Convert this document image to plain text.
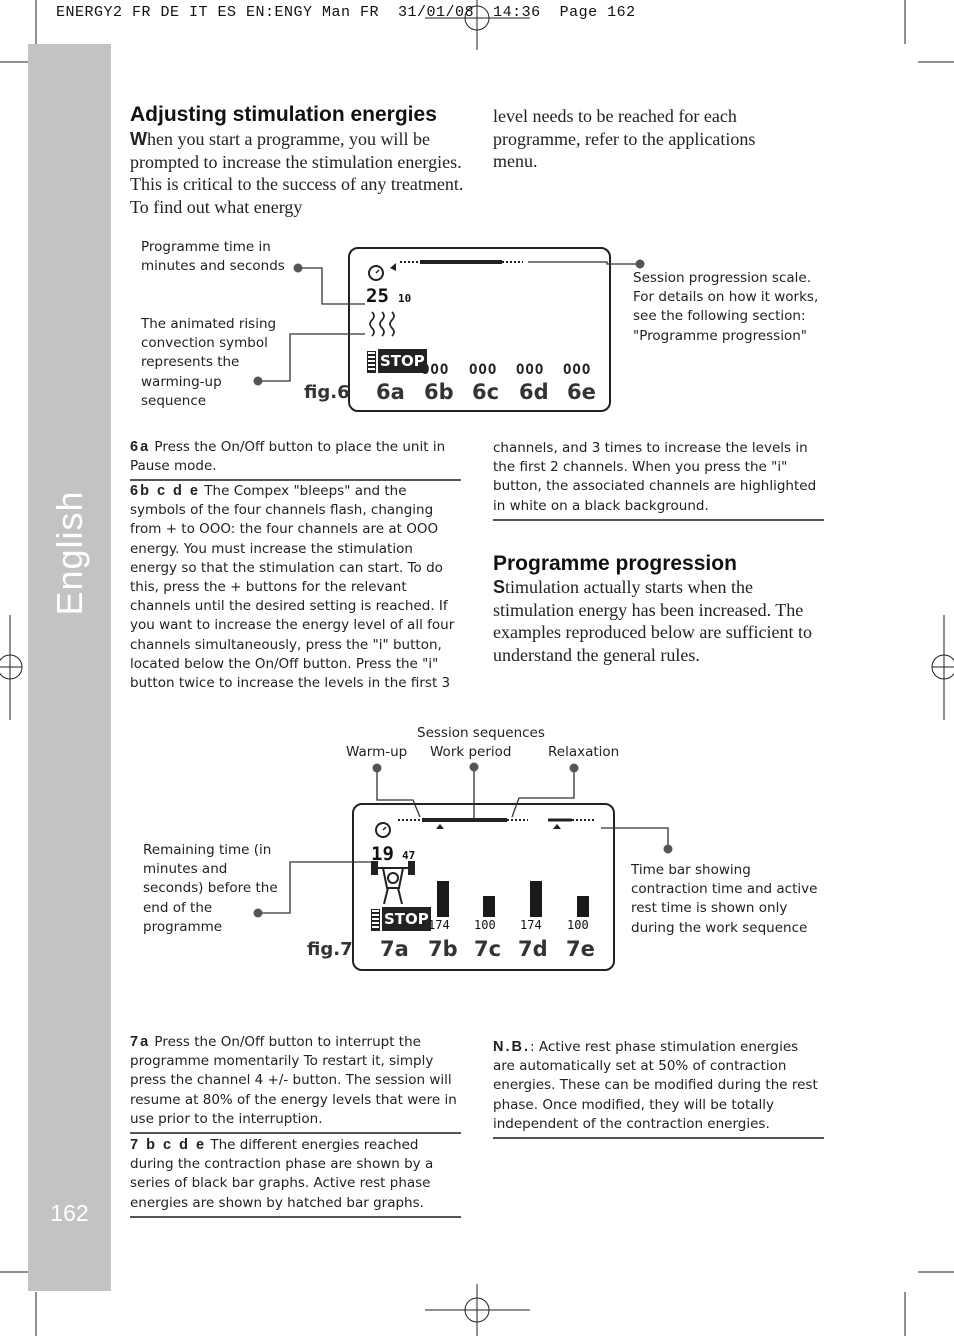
ENERGY2 FR DE IT ES EN:ENGY Man FR  31/01/08  14:36  Page 162
English
162
Adjusting stimulation energies
When you start a programme, you will be prompted to increase the stimulation energies. This is critical to the success of any treatment. To find out what energy
level needs to be reached for each programme, refer to the applications menu.
Programme time in minutes and seconds
The animated rising convection symbol represents the warming-up sequence
Session progression scale. For details on how it works, see the following section: "Programme progression"
25 10
STOP
OOO OOO OOO OOO
fig.6 6a 6b 6c 6d 6e
6a Press the On/Off button to place the unit in Pause mode.
6b c d e The Compex "bleeps" and the symbols of the four channels flash, changing from + to OOO: the four channels are at OOO energy. You must increase the stimulation energy so that the stimulation can start. To do this, press the + buttons for the relevant channels until the desired setting is reached. If you want to increase the energy level of all four channels simultaneously, press the "i" button, located below the On/Off button. Press the "i" button twice to increase the levels in the first 3
channels, and 3 times to increase the levels in the first 2 channels. When you press the "i" button, the associated channels are highlighted in white on a black background.
Programme progression
Stimulation actually starts when the stimulation energy has been increased. The examples reproduced below are sufficient to understand the general rules.
Session sequences
Warm-up Work period	Relaxation
Remaining time (in minutes and seconds) before the end of the programme
Time bar showing contraction time and active rest time is shown only during the work sequence
19 47
STOP 174 100 174 100
fig.7 7a 7b 7c 7d 7e
7a Press the On/Off button to interrupt the programme momentarily To restart it, simply press the channel 4 +/- button. The session will resume at 80% of the energy levels that were in use prior to the interruption.
7 b c d e The different energies reached during the contraction phase are shown by a series of black bar graphs. Active rest phase energies are shown by hatched bar graphs.
N.B.: Active rest phase stimulation energies are automatically set at 50% of contraction energies. These can be modified during the rest phase. Once modified, they will be totally independent of the contraction energies.
